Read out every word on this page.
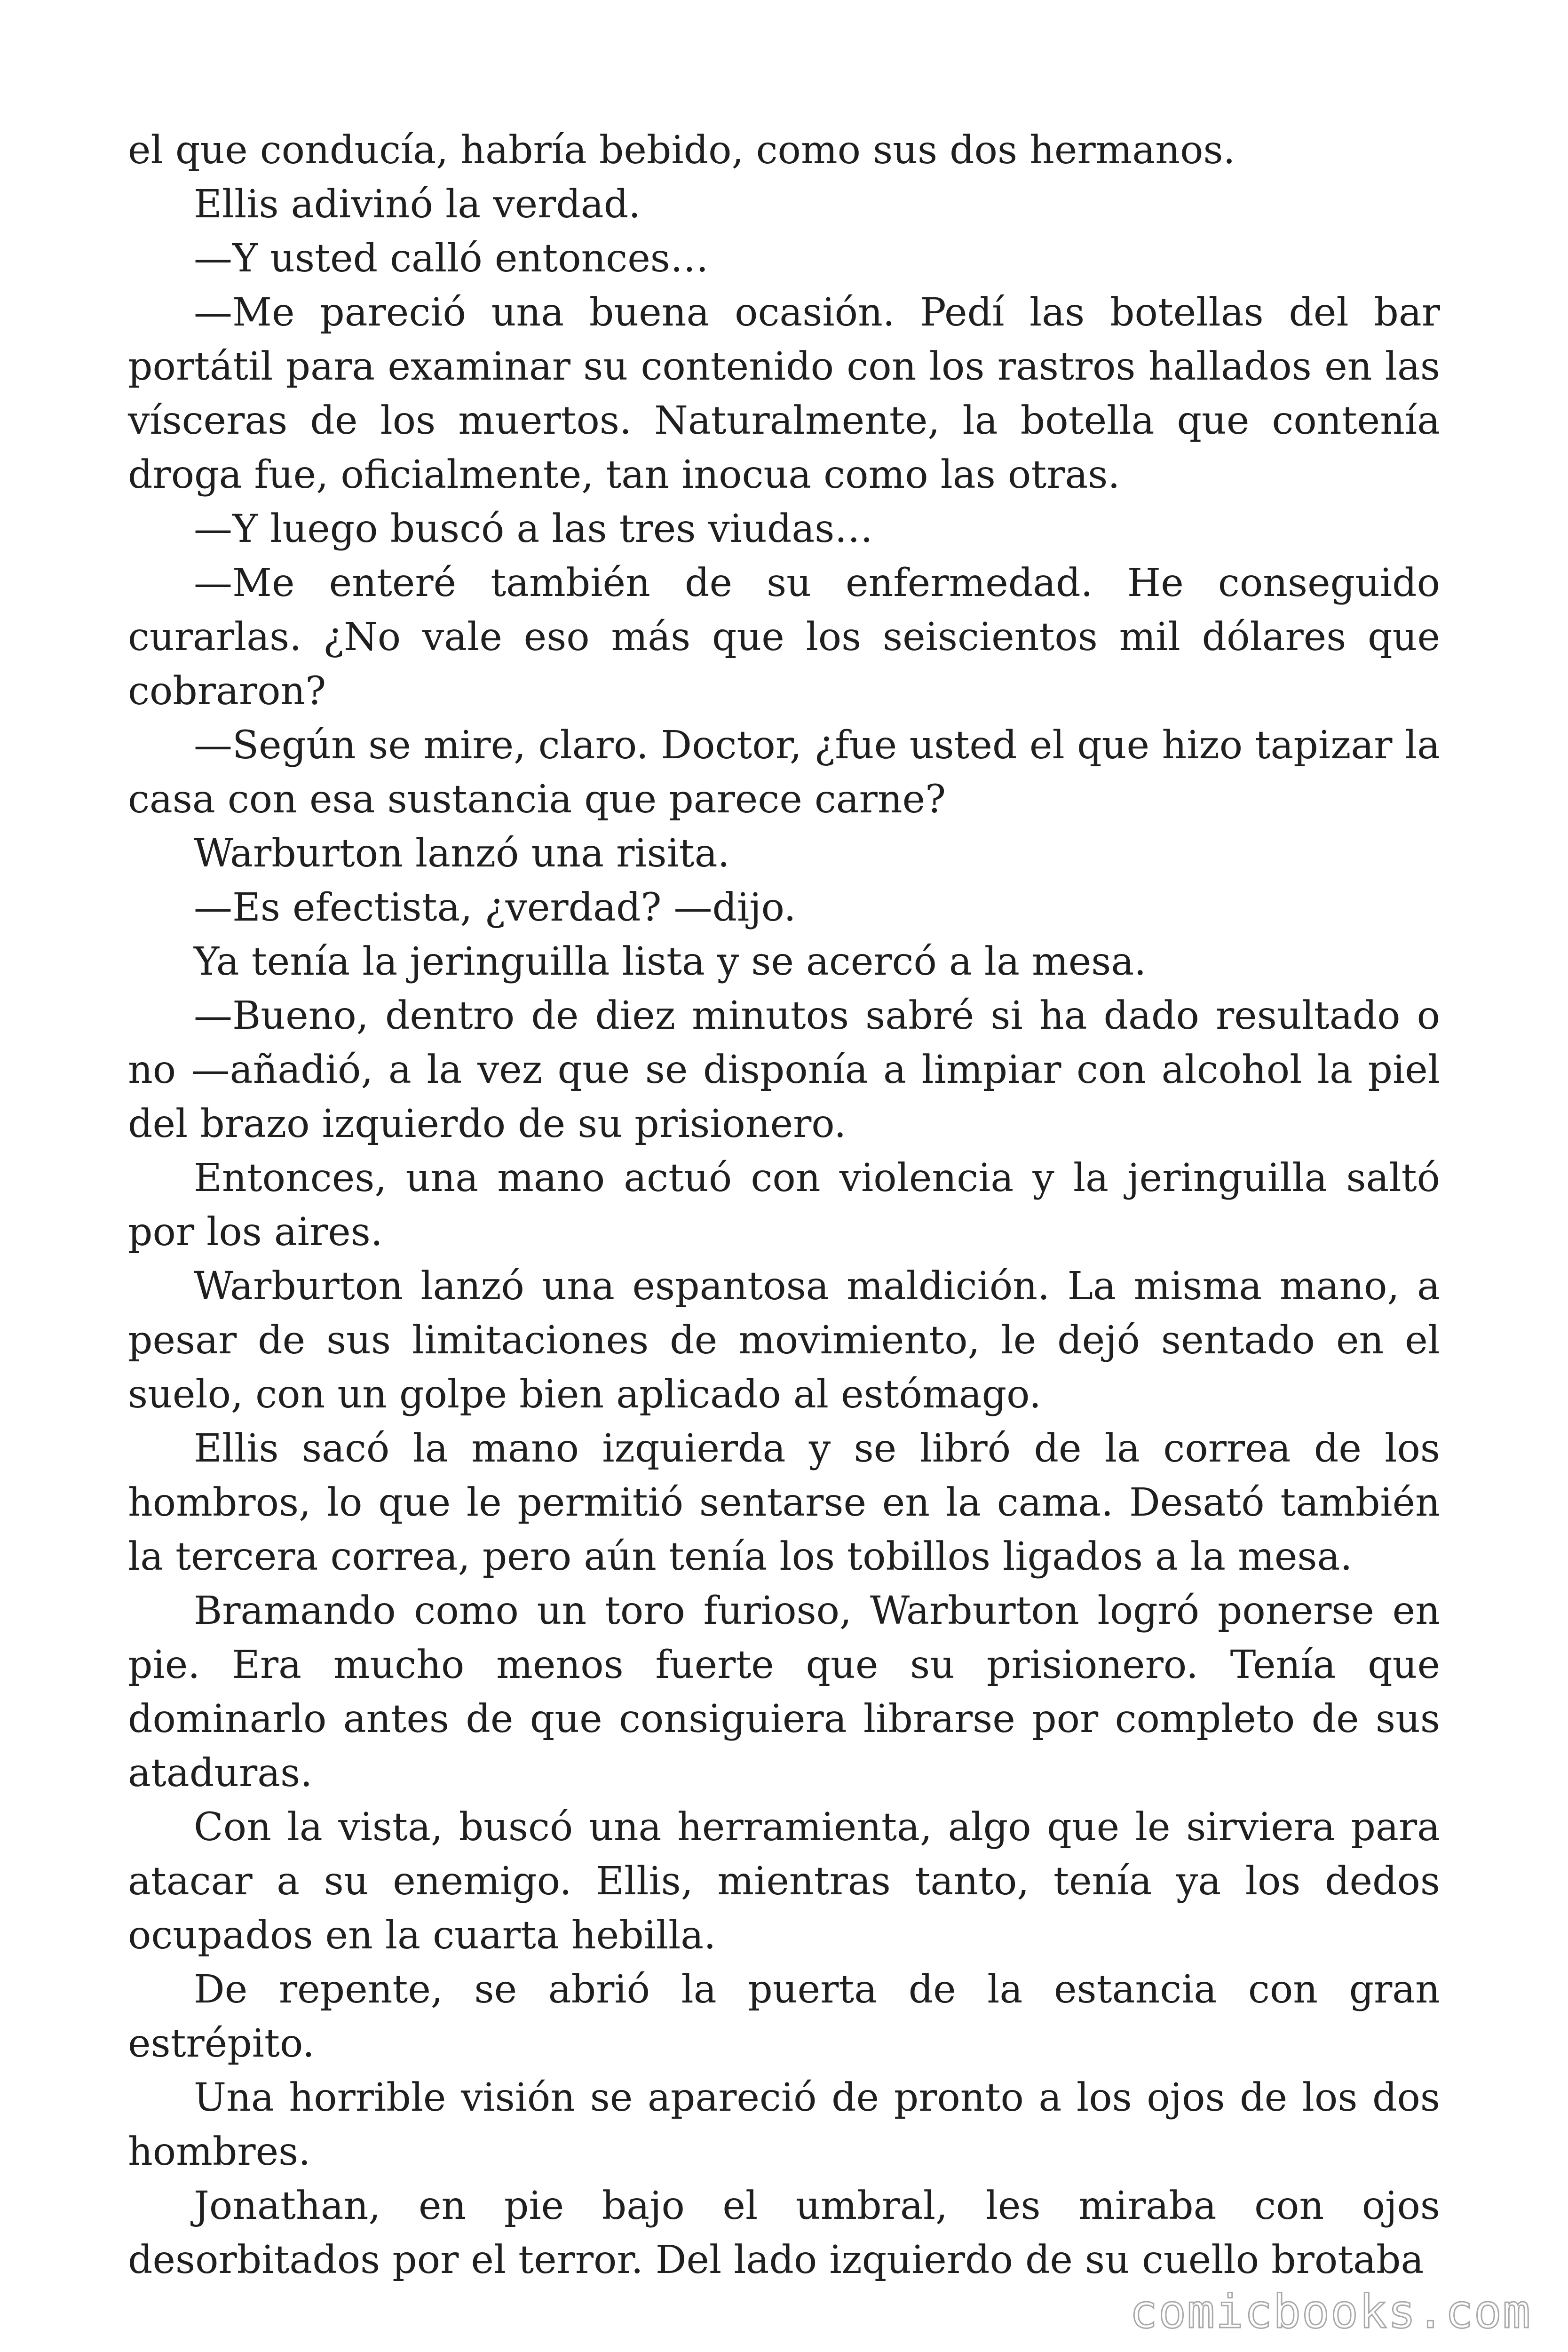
el que conducía, habría bebido, como sus dos hermanos.

Ellis adivinó la verdad.

—Y usted calló entonces…

—Me pareció una buena ocasión. Pedí las botellas del bar portátil para examinar su contenido con los rastros hallados en las vísceras de los muertos. Naturalmente, la botella que contenía droga fue, oficialmente, tan inocua como las otras.

—Y luego buscó a las tres viudas…

—Me enteré también de su enfermedad. He conseguido curarlas. ¿No vale eso más que los seiscientos mil dólares que cobraron?

—Según se mire, claro. Doctor, ¿fue usted el que hizo tapizar la casa con esa sustancia que parece carne?

Warburton lanzó una risita.

—Es efectista, ¿verdad? —dijo.

Ya tenía la jeringuilla lista y se acercó a la mesa.

—Bueno, dentro de diez minutos sabré si ha dado resultado o no —añadió, a la vez que se disponía a limpiar con alcohol la piel del brazo izquierdo de su prisionero.

Entonces, una mano actuó con violencia y la jeringuilla saltó por los aires.

Warburton lanzó una espantosa maldición. La misma mano, a pesar de sus limitaciones de movimiento, le dejó sentado en el suelo, con un golpe bien aplicado al estómago.

Ellis sacó la mano izquierda y se libró de la correa de los hombros, lo que le permitió sentarse en la cama. Desató también la tercera correa, pero aún tenía los tobillos ligados a la mesa.

Bramando como un toro furioso, Warburton logró ponerse en pie. Era mucho menos fuerte que su prisionero. Tenía que dominarlo antes de que consiguiera librarse por completo de sus ataduras.

Con la vista, buscó una herramienta, algo que le sirviera para atacar a su enemigo. Ellis, mientras tanto, tenía ya los dedos ocupados en la cuarta hebilla.

De repente, se abrió la puerta de la estancia con gran estrépito.

Una horrible visión se apareció de pronto a los ojos de los dos hombres.

Jonathan, en pie bajo el umbral, les miraba con ojos desorbitados por el terror. Del lado izquierdo de su cuello brotaba

comicbooks.com
